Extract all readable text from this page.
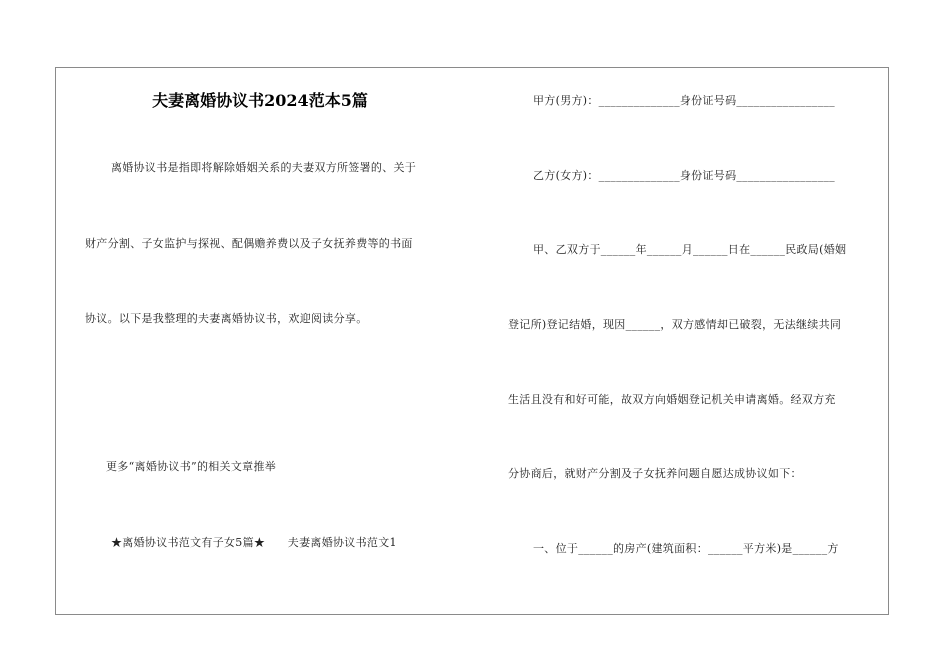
夫妻离婚协议书2024范本5篇
离婚协议书是指即将解除婚姻关系的夫妻双方所签署的、关于
财产分割、子女监护与探视、配偶赡养费以及子女抚养费等的书面
协议。以下是我整理的夫妻离婚协议书，欢迎阅读分享。
更多“离婚协议书”的相关文章推举
★离婚协议书范文有子女5篇★　　夫妻离婚协议书范文1
甲方(男方)：______________身份证号码_________________
乙方(女方)：______________身份证号码_________________
甲、乙双方于______年______月______日在______民政局(婚姻
登记所)登记结婚，现因______，双方感情却已破裂，无法继续共同
生活且没有和好可能，故双方向婚姻登记机关申请离婚。经双方充
分协商后，就财产分割及子女抚养问题自愿达成协议如下：
一、位于______的房产(建筑面积：______平方米)是______方
